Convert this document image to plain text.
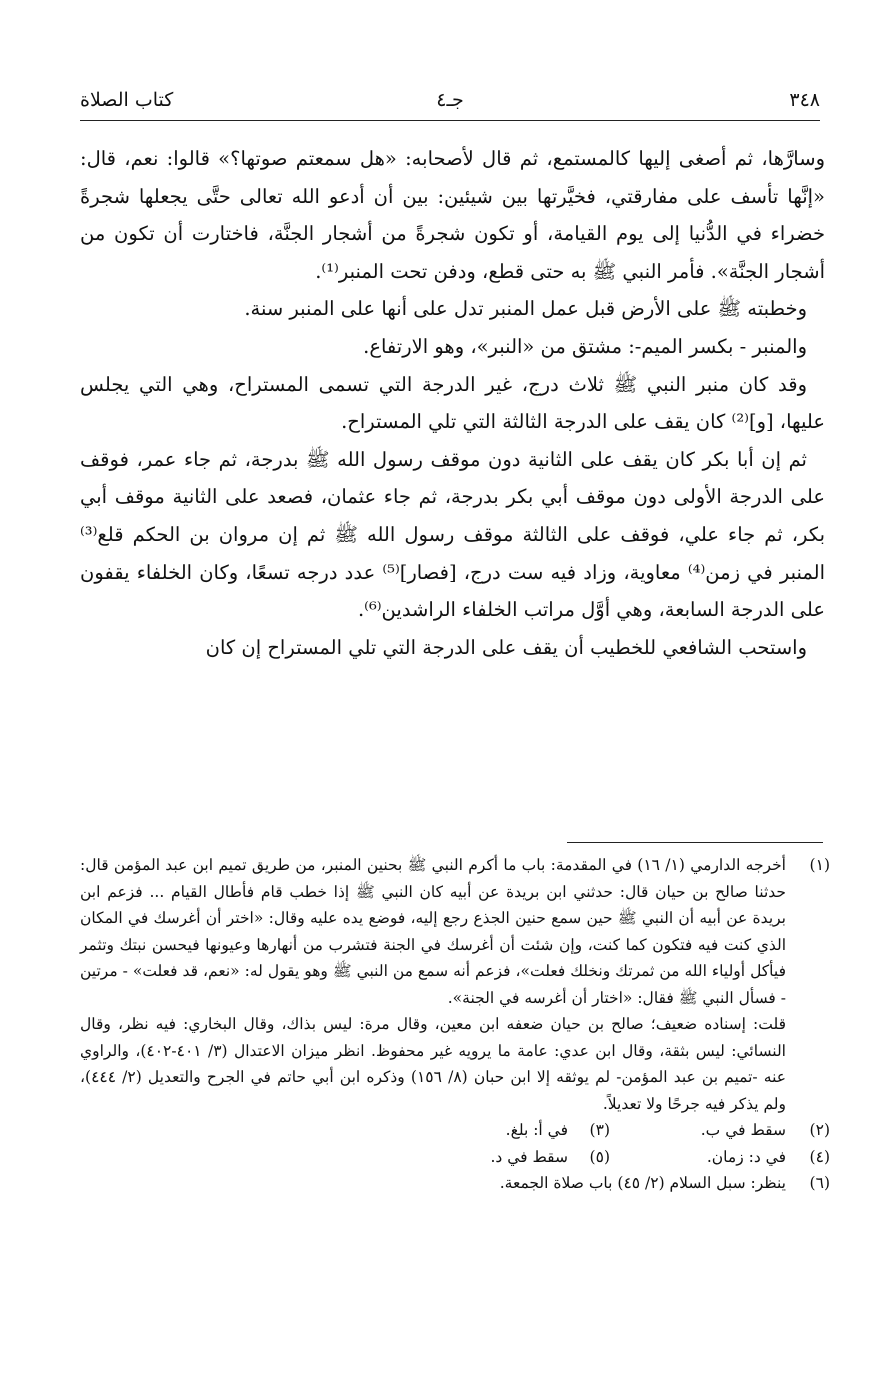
٣٤٨
جـ٤
كتاب الصلاة

وسارَّها، ثم أصغى إليها كالمستمع، ثم قال لأصحابه: «هل سمعتم صوتها؟» قالوا: نعم، قال: «إنَّها تأسف على مفارقتي، فخيَّرتها بين شيئين: بين أن أدعو الله تعالى حتَّى يجعلها شجرةً خضراء في الدُّنيا إلى يوم القيامة، أو تكون شجرةً من أشجار الجنَّة، فاختارت أن تكون من أشجار الجنَّة». فأمر النبي ﷺ به حتى قطع، ودفن تحت المنبر⁽¹⁾.

وخطبته ﷺ على الأرض قبل عمل المنبر تدل على أنها على المنبر سنة.

والمنبر - بكسر الميم-: مشتق من «النبر»، وهو الارتفاع.

وقد كان منبر النبي ﷺ ثلاث درج، غير الدرجة التي تسمى المستراح، وهي التي يجلس عليها، [و]⁽²⁾ كان يقف على الدرجة الثالثة التي تلي المستراح.

ثم إن أبا بكر كان يقف على الثانية دون موقف رسول الله ﷺ بدرجة، ثم جاء عمر، فوقف على الدرجة الأولى دون موقف أبي بكر بدرجة، ثم جاء عثمان، فصعد على الثانية موقف أبي بكر، ثم جاء علي، فوقف على الثالثة موقف رسول الله ﷺ ثم إن مروان بن الحكم قلع⁽³⁾ المنبر في زمن⁽⁴⁾ معاوية، وزاد فيه ست درج، [فصار]⁽⁵⁾ عدد درجه تسعًا، وكان الخلفاء يقفون على الدرجة السابعة، وهي أوَّل مراتب الخلفاء الراشدين⁽⁶⁾.

واستحب الشافعي للخطيب أن يقف على الدرجة التي تلي المستراح إن كان

(١)
أخرجه الدارمي (١/ ١٦) في المقدمة: باب ما أكرم النبي ﷺ بحنين المنبر، من طريق تميم ابن عبد المؤمن قال: حدثنا صالح بن حيان قال: حدثني ابن بريدة عن أبيه كان النبي ﷺ إذا خطب قام فأطال القيام ... فزعم ابن بريدة عن أبيه أن النبي ﷺ حين سمع حنين الجذع رجع إليه، فوضع يده عليه وقال: «اختر أن أغرسك في المكان الذي كنت فيه فتكون كما كنت، وإن شئت أن أغرسك في الجنة فتشرب من أنهارها وعيونها فيحسن نبتك وتثمر فيأكل أولياء الله من ثمرتك ونخلك فعلت»، فزعم أنه سمع من النبي ﷺ وهو يقول له: «نعم، قد فعلت» - مرتين - فسأل النبي ﷺ فقال: «اختار أن أغرسه في الجنة».
قلت: إسناده ضعيف؛ صالح بن حيان ضعفه ابن معين، وقال مرة: ليس بذاك، وقال البخاري: فيه نظر، وقال النسائي: ليس بثقة، وقال ابن عدي: عامة ما يرويه غير محفوظ. انظر ميزان الاعتدال (٣/ ٤٠١-٤٠٢)، والراوي عنه -تميم بن عبد المؤمن- لم يوثقه إلا ابن حبان (٨/ ١٥٦) وذكره ابن أبي حاتم في الجرح والتعديل (٢/ ٤٤٤)، ولم يذكر فيه جرحًا ولا تعديلاً.
(٢)
سقط في ب.
(٣)
في أ: بلغ.
(٤)
في د: زمان.
(٥)
سقط في د.
(٦)
ينظر: سبل السلام (٢/ ٤٥) باب صلاة الجمعة.
